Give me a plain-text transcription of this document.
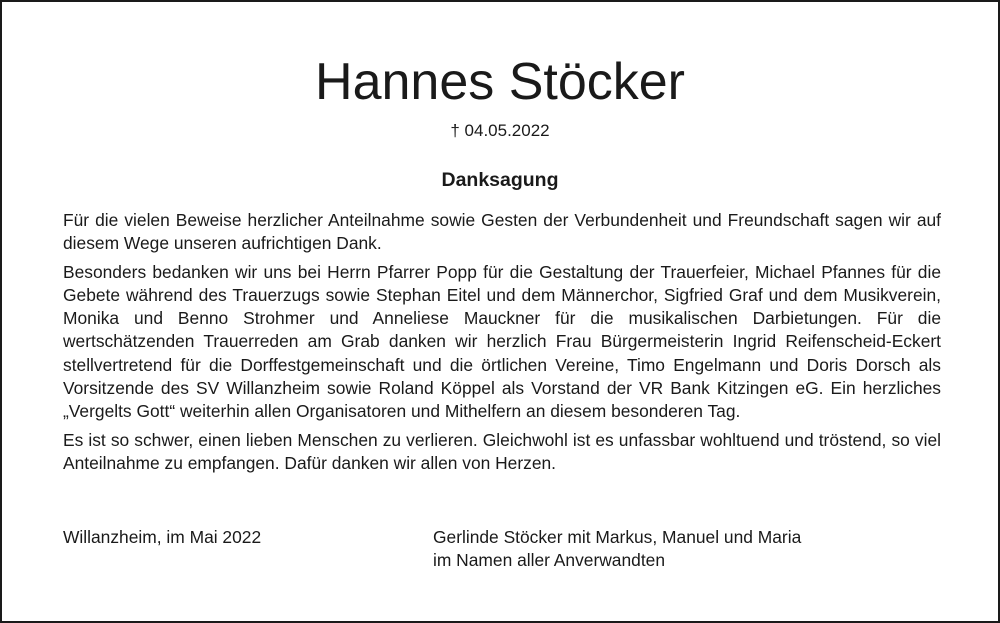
Hannes Stöcker
† 04.05.2022
Danksagung

Für die vielen Beweise herzlicher Anteilnahme sowie Gesten der Verbundenheit und Freundschaft sagen wir auf diesem Wege unseren aufrichtigen Dank.

Besonders bedanken wir uns bei Herrn Pfarrer Popp für die Gestaltung der Trauerfeier, Michael Pfannes für die Gebete während des Trauerzugs sowie Stephan Eitel und dem Männerchor, Sigfried Graf und dem Musikverein, Monika und Benno Strohmer und Anneliese Mauckner für die musikalischen Darbietungen. Für die wertschätzenden Trauerreden am Grab danken wir herzlich Frau Bürgermeisterin Ingrid Reifenscheid-Eckert stellvertretend für die Dorffestgemeinschaft und die örtlichen Vereine, Timo Engelmann und Doris Dorsch als Vorsitzende des SV Willanzheim sowie Roland Köppel als Vorstand der VR Bank Kitzingen eG. Ein herzliches „Vergelts Gott“ weiterhin allen Organisatoren und Mithelfern an diesem besonderen Tag.

Es ist so schwer, einen lieben Menschen zu verlieren. Gleichwohl ist es unfassbar wohltuend und tröstend, so viel Anteilnahme zu empfangen. Dafür danken wir allen von Herzen.

Willanzheim, im Mai 2022	Gerlinde Stöcker mit Markus, Manuel und Maria
im Namen aller Anverwandten
